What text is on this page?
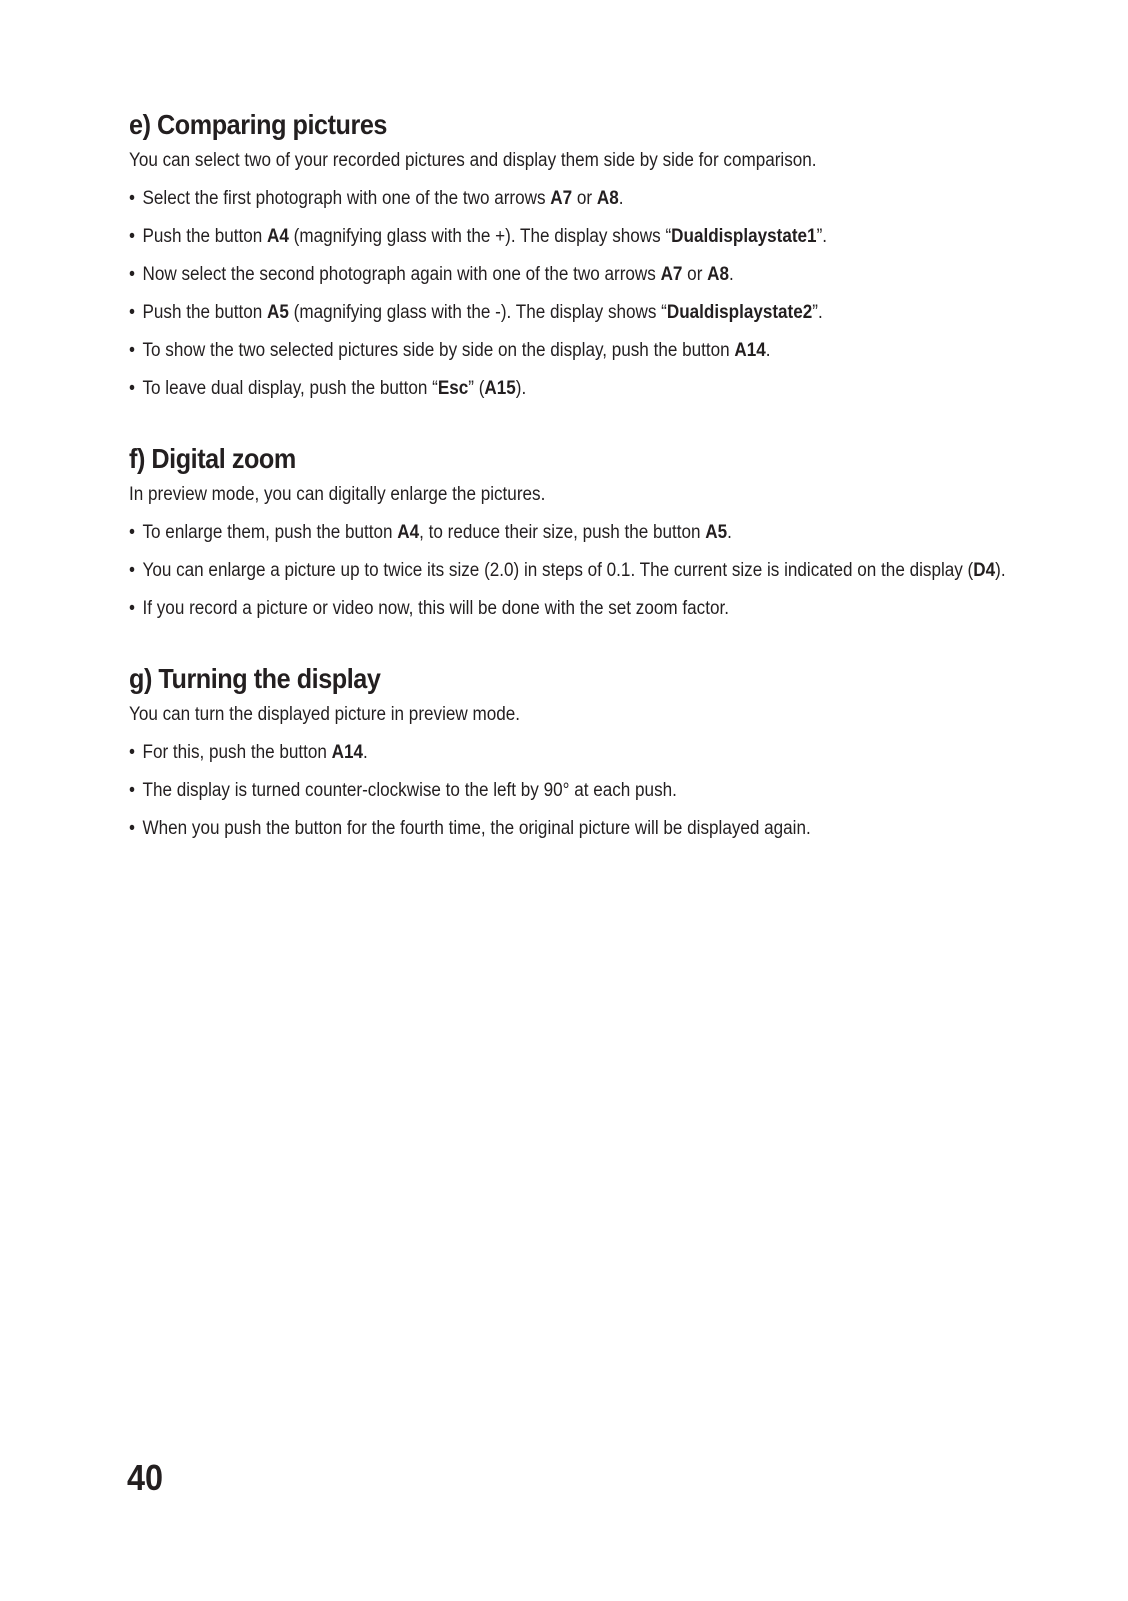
e) Comparing pictures

You can select two of your recorded pictures and display them side by side for comparison.

• Select the first photograph with one of the two arrows A7 or A8.
• Push the button A4 (magnifying glass with the +). The display shows “Dualdisplaystate1”.
• Now select the second photograph again with one of the two arrows A7 or A8.
• Push the button A5 (magnifying glass with the -). The display shows “Dualdisplaystate2”.
• To show the two selected pictures side by side on the display, push the button A14.
• To leave dual display, push the button “Esc” (A15).
f) Digital zoom

In preview mode, you can digitally enlarge the pictures.

• To enlarge them, push the button A4, to reduce their size, push the button A5.
• You can enlarge a picture up to twice its size (2.0) in steps of 0.1. The current size is indicated on the display (D4).
• If you record a picture or video now, this will be done with the set zoom factor.
g) Turning the display

You can turn the displayed picture in preview mode.

• For this, push the button A14.
• The display is turned counter-clockwise to the left by 90° at each push.
• When you push the button for the fourth time, the original picture will be displayed again.
40
